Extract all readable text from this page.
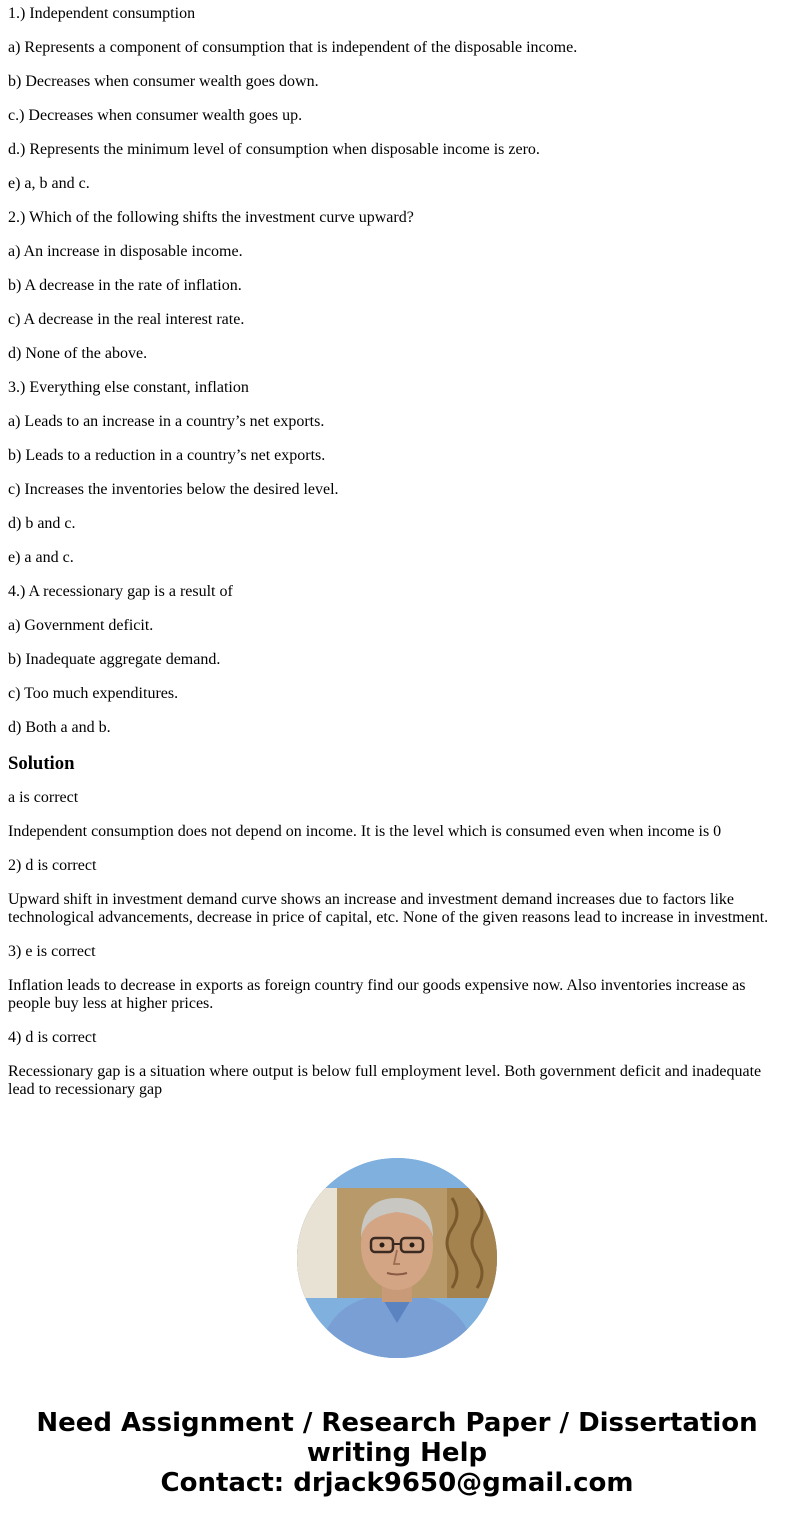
1.) Independent consumption

a) Represents a component of consumption that is independent of the disposable income.

b) Decreases when consumer wealth goes down.

c.) Decreases when consumer wealth goes up.

d.) Represents the minimum level of consumption when disposable income is zero.

e) a, b and c.

2.) Which of the following shifts the investment curve upward?

a) An increase in disposable income.

b) A decrease in the rate of inflation.

c) A decrease in the real interest rate.

d) None of the above.

3.) Everything else constant, inflation

a) Leads to an increase in a country’s net exports.

b) Leads to a reduction in a country’s net exports.

c) Increases the inventories below the desired level.

d) b and c.

e) a and c.

4.) A recessionary gap is a result of

a) Government deficit.

b) Inadequate aggregate demand.

c) Too much expenditures.

d) Both a and b.

Solution

a is correct

Independent consumption does not depend on income. It is the level which is consumed even when income is 0

2) d is correct

Upward shift in investment demand curve shows an increase and investment demand increases due to factors like technological advancements, decrease in price of capital, etc. None of the given reasons lead to increase in investment.

3) e is correct

Inflation leads to decrease in exports as foreign country find our goods expensive now. Also inventories increase as people buy less at higher prices.

4) d is correct

Recessionary gap is a situation where output is below full employment level. Both government deficit and inadequate lead to recessionary gap

Need Assignment / Research Paper / Dissertation writing Help
Contact: drjack9650@gmail.com
